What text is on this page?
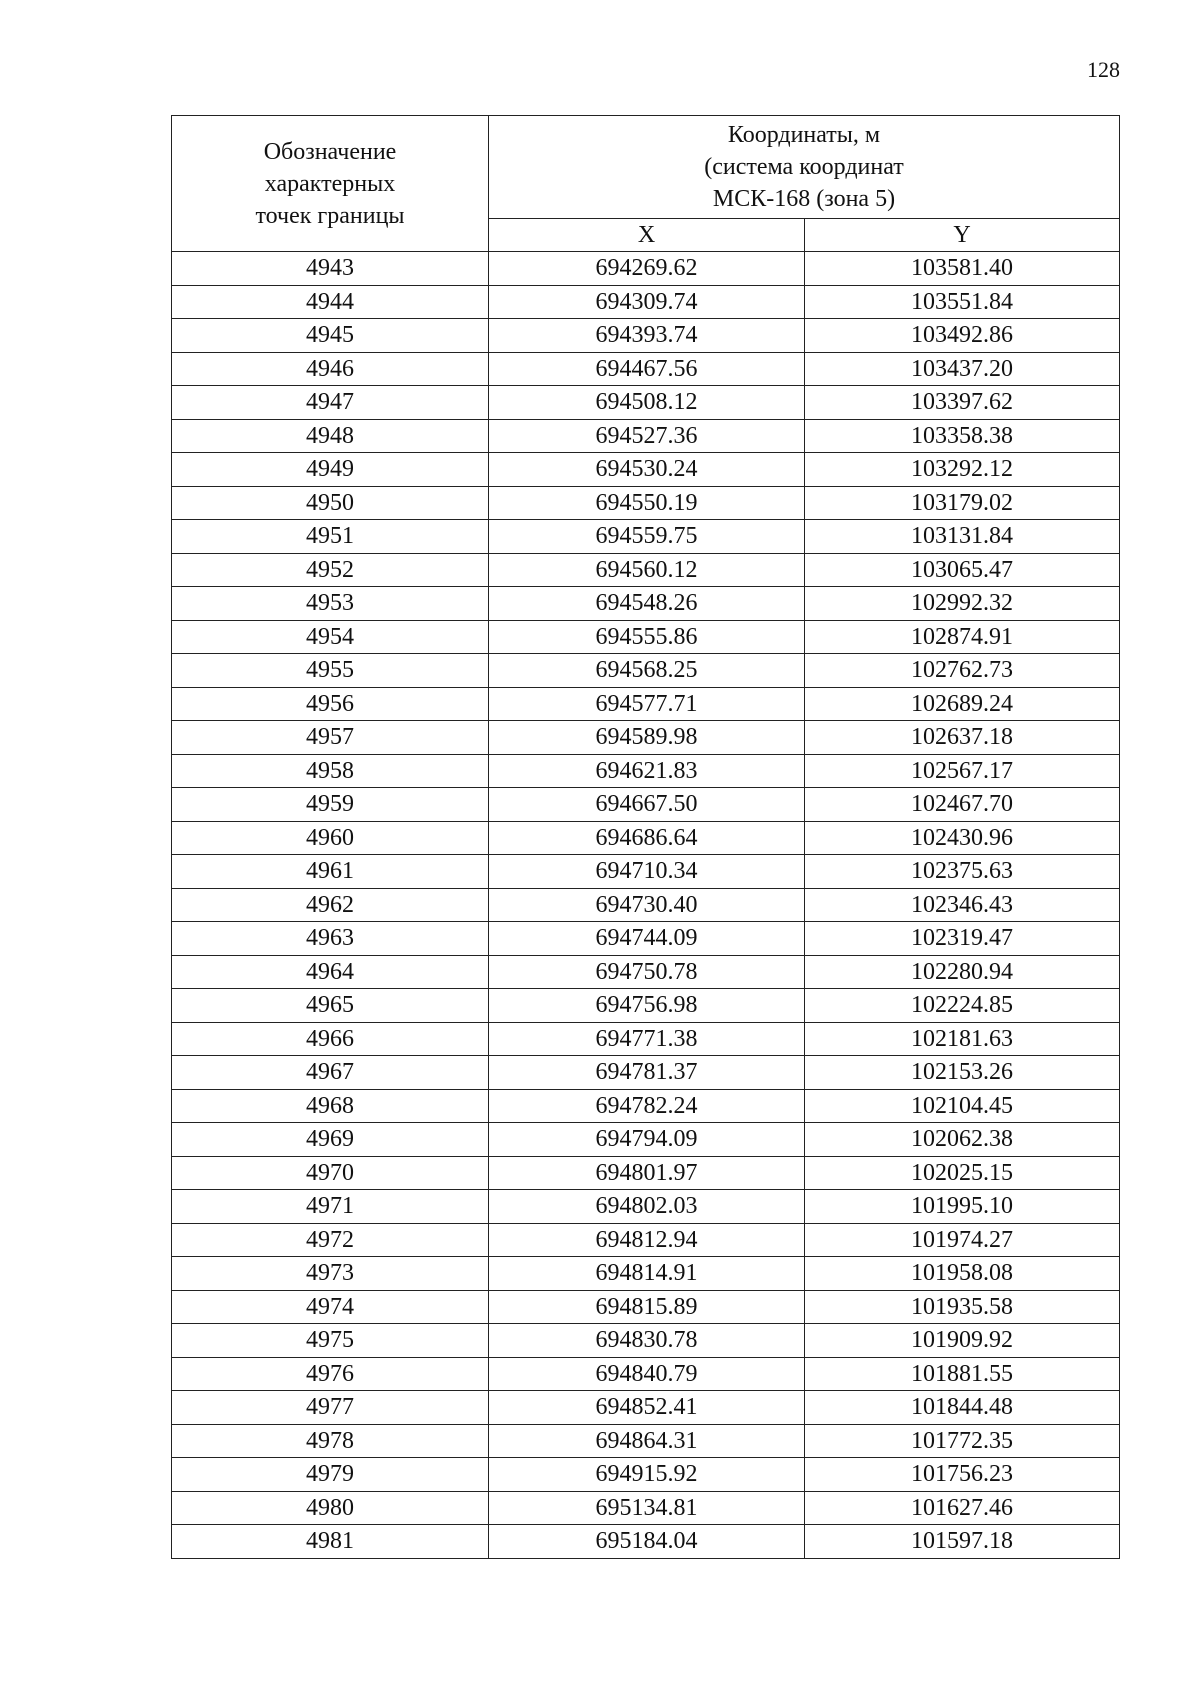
128
Обозначение
характерных
точек границы	Координаты, м
(система координат
МСК-168 (зона 5)	

	X	Y
4943	694269.62	103581.40
4944	694309.74	103551.84
4945	694393.74	103492.86
4946	694467.56	103437.20
4947	694508.12	103397.62
4948	694527.36	103358.38
4949	694530.24	103292.12
4950	694550.19	103179.02
4951	694559.75	103131.84
4952	694560.12	103065.47
4953	694548.26	102992.32
4954	694555.86	102874.91
4955	694568.25	102762.73
4956	694577.71	102689.24
4957	694589.98	102637.18
4958	694621.83	102567.17
4959	694667.50	102467.70
4960	694686.64	102430.96
4961	694710.34	102375.63
4962	694730.40	102346.43
4963	694744.09	102319.47
4964	694750.78	102280.94
4965	694756.98	102224.85
4966	694771.38	102181.63
4967	694781.37	102153.26
4968	694782.24	102104.45
4969	694794.09	102062.38
4970	694801.97	102025.15
4971	694802.03	101995.10
4972	694812.94	101974.27
4973	694814.91	101958.08
4974	694815.89	101935.58
4975	694830.78	101909.92
4976	694840.79	101881.55
4977	694852.41	101844.48
4978	694864.31	101772.35
4979	694915.92	101756.23
4980	695134.81	101627.46
4981	695184.04	101597.18
